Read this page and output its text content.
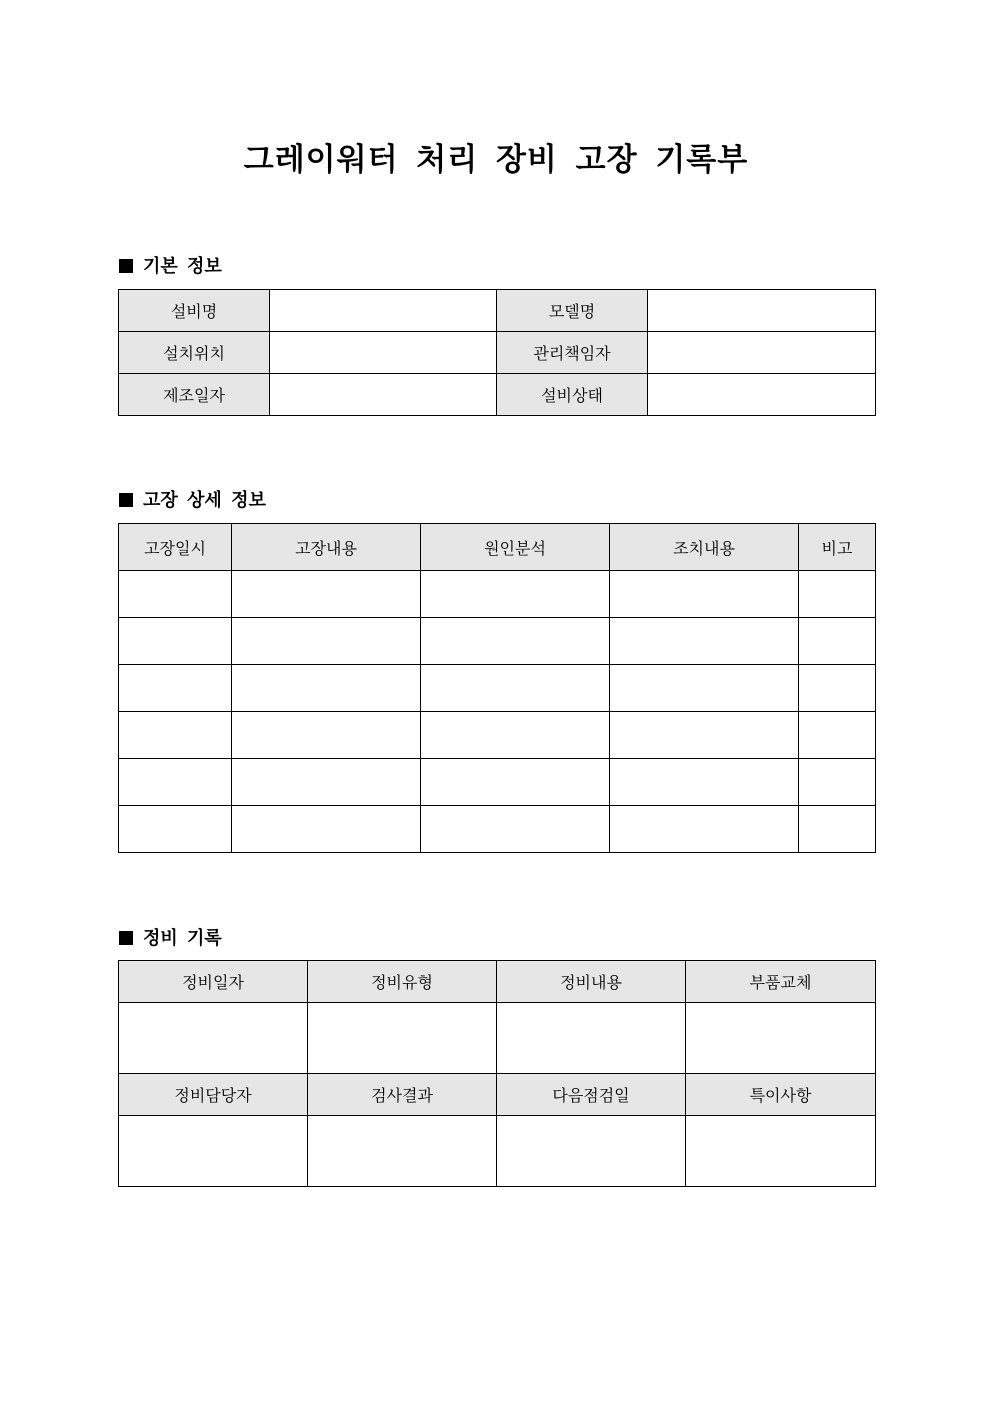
그레이워터 처리 장비 고장 기록부
기본 정보
설비명		모델명	
설치위치		관리책임자	
제조일자		설비상태	
고장 상세 정보
고장일시	고장내용	원인분석	조치내용	비고

정비 기록
정비일자	정비유형	정비내용	부품교체

정비담당자	검사결과	다음점검일	특이사항
